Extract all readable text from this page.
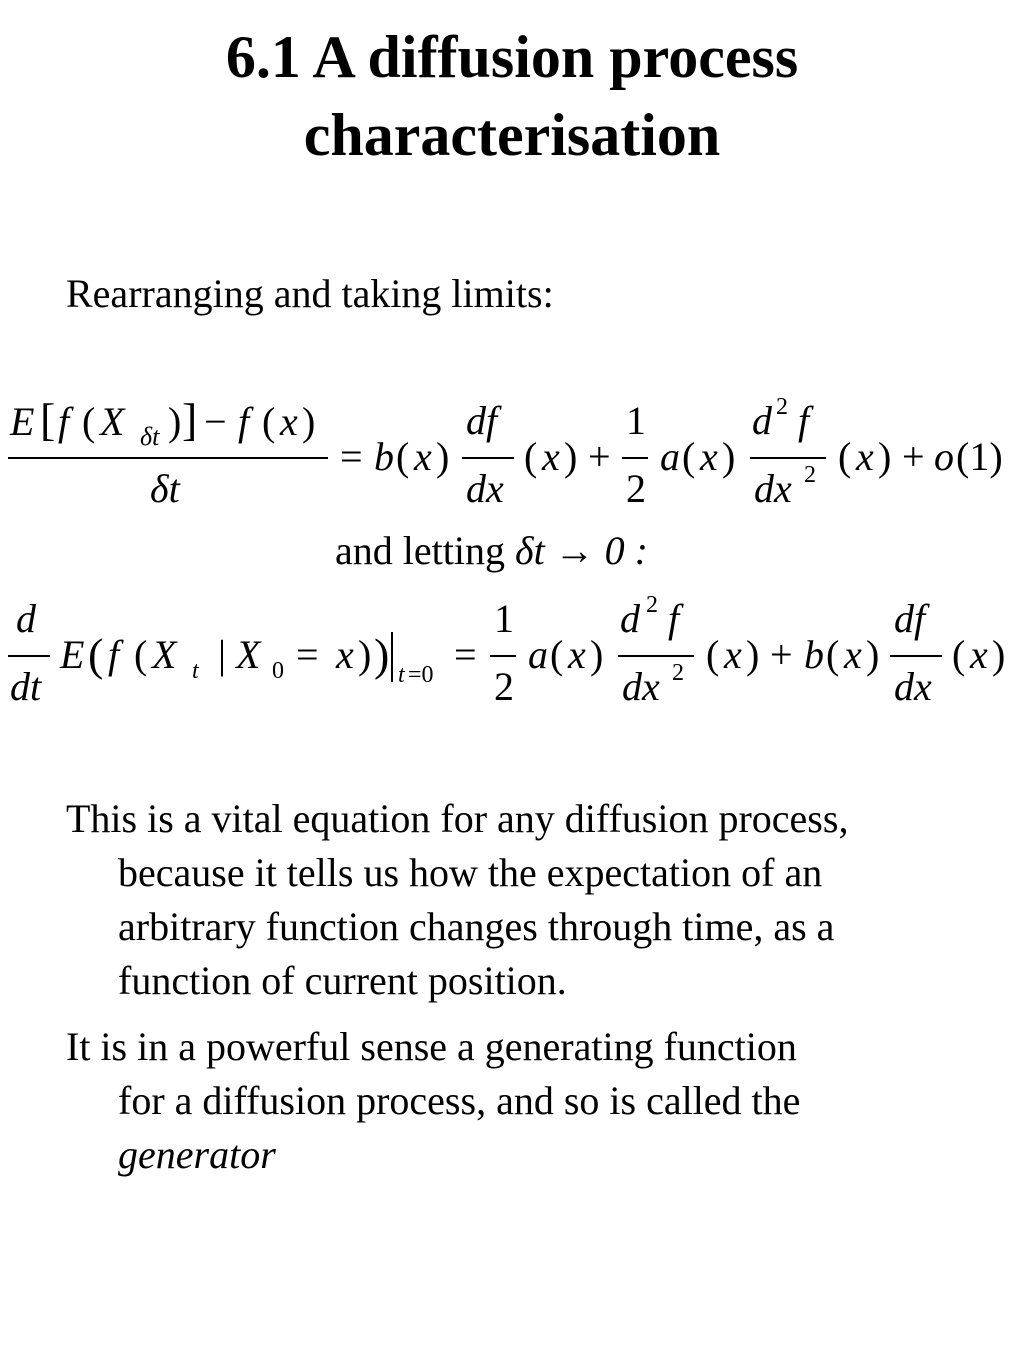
6.1 A diffusion process
characterisation
Rearranging and taking limits:
E [ f ( X δt ) ] − f ( x )
δt
= b ( x )
df
dx
( x ) +
1
2
a ( x )
d 2 f
dx 2 ( x ) + o (1)
and letting δt → 0 :
d
dt
E ( f ( X t | X 0 = x ) ) t =0 =
1
2
a ( x )
d 2 f
dx 2 ( x ) + b ( x )
df
dx
( x )
This is a vital equation for any diffusion process,
because it tells us how the expectation of an
arbitrary function changes through time, as a
function of current position.
It is in a powerful sense a generating function
for a diffusion process, and so is called the
generator
